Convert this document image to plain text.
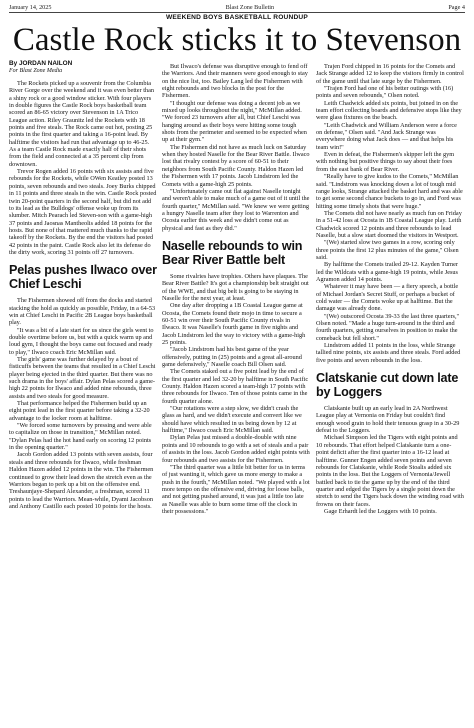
January 14, 2025	Blast Zone Bulletin	Page 4
WEEKEND BOYS BASKETBALL ROUNDUP
Castle Rock sticks it to Stevenson
By JORDAN NAILON
For Blast Zone Media

The Rockets picked up a souvenir from the Columbia River Gorge over the weekend and it was even better than a shiny rock or a good window sticker. With four players in double figures the Castle Rock boys basketball team scored an 86-65 victory over Stevenson in 1A Trico League action. Riley Graunitz led the Rockets with 18 points and five steals. The Rock came out hot, posting 25 points in the first quarter and taking a 16-point lead. By halftime the visitors had run that advantage up to 46-25. As a team Castle Rock made exactly half of their shots from the field and connected at a 35 percent clip from downtown.

Trevor Rogen added 16 points with six assists and five rebounds for the Rockets, while OWen Keatley posted 13 points, seven rebounds and two steals. Joey Burks chipped in 11 points and three steals in the win. Castle Rock posted twin 20-point quarters in the second half, but did not add to its lead as the Bulldogs' offense woke up from its slumber. Mitch Pearach led Steven-son with a game-high 37 points and Jaosnas Mantheolis added 18 points for the hosts. But none of that mattered much thanks to the rapid takeoff by the Rockets. By the end the visitors had posted 42 points in the paint. Castle Rock also let its defense do the dirty work, scoring 31 points off 27 turnovers.

Pelas pushes Ilwaco over Chief Leschi

The Fishermen showed off from the docks and started stacking the hold as quickly as possible, Friday, in a 64-53 win at Chief Leschi in Pacific 2B League boys basketball play.

"It was a bit of a late start for us since the girls went to double overtime before us, but with a quick warm up and loud gym, I thought the boys came out focused and ready to play," Ilwaco coach Eric McMillan said.

The girls' game was further delayed by a bout of fisticuffs between the teams that resulted in a Chief Leschi player being ejected in the third quarter. But there was no such drama in the boys' affair. Dylan Pelas scored a game-high 22 points for Ilwaco and added nine rebounds, three assists and two steals for good measure.

That performance helped the Fishermen build up an eight point lead in the first quarter before taking a 32-20 advantage to the locker room at halftime.

"We forced some turnovers by pressing and were able to capitalize on those in transition," McMillan noted. "Dylan Pelas had the hot hand early on scoring 12 points in the opening quarter."

Jacob Gordon added 13 points with seven assists, four steals and three rebounds for Ilwaco, while freshman Haldon Hazen added 12 points in the win. The Fishermen continued to grow their lead down the stretch even as the Warriors began to perk up a bit on the offensive end. Treshaunjaye-Shepard Alexander, a freshman, scored 11 points to lead the Warriors. Mean-while, Dyami Jacobson and Anthony Castillo each posted 10 points for the hosts.

But Ilwaco's defense was disruptive enough to fend off the Warriors. And their manners were good enough to stay on the nice list, too. Bailey Lang led the Fishermen with eight rebounds and two blocks in the post for the Fishermen.

"I thought our defense was doing a decent job as we mixed up looks throughout the night," McMillan added. "We forced 23 turnovers after all, but Chief Leschi was hanging around as their boys were hitting some tough shots from the perimeter and seemed to be expected when up at their gym."

The Fishermen did not have as much luck on Saturday when they hosted Naselle for the Bear River Battle. Ilwaco lost that rivalry contest by a score of 60-51 to their neighbors from South Pacific County. Haldon Hazen led the Fishermen with 17 points. Jacob Lindstrom led the Comets with a game-high 25 points.

"Unfortunately came out flat against Naselle tonight and weren't able to make much of a game out of it until the fourth quarter," McMillan said. "We knew we were getting a hungry Naselle team after they lost to Warrenton and Ocosta earlier this week and we didn't come out as physical and fast as they did."

Naselle rebounds to win Bear River Battle belt

Some rivalries have trophies. Others have plaques. The Bear River Battle? It's got a championship belt straight out of the WWE, and that big belt is going to be staying in Naselle for the next year, at least.

One day after dropping a 1B Coastal League game at Ocosta, the Comets found their mojo in time to secure a 60-51 win over their South Pacific County rivals in Ilwaco. It was Naselle's fourth game in five nights and Jacob Lindstrom led the way to victory with a game-high 25 points.

"Jacob Lindstrom had his best game of the year offensively, putting in (25) points and a great all-around game defensively," Naselle coach Bill Olsen said.

The Comets staked out a five point lead by the end of the first quarter and led 32-20 by halftime in South Pacific County. Haldon Hazen scored a team-high 17 points with three rebounds for Ilwaco. Ten of those points came in the fourth quarter alone.

"Our rotations were a step slow, we didn't crash the glass as hard, and we didn't execute and convert like we should have which resulted in us being down by 12 at halftime," Ilwaco coach Eric McMillan said.

Dylan Pelas just missed a double-double with nine points and 10 rebounds to go with a set of steals and a pair of assists in the loss. Jacob Gordon added eight points with four rebounds and two assists for the Fishermen.

"The third quarter was a little bit better for us in terms of just wanting it, which gave us more energy to make a push in the fourth," McMillan noted. "We played with a lot more tempo on the offensive end, driving for loose balls, and not getting pushed around, it was just a little too late as Naselle was able to burn some time off the clock in their possessions."

Trajen Ford chipped in 16 points for the Comets and Jack Strange added 12 to keep the visitors firmly in control of the game until that late surge by the Fishermen.

"Trajen Ford had one of his better outings with (16) points and seven rebounds," Olsen noted.

Leith Chadwick added six points, but joined in on the team effort collecting boards and defensive stops like they were glass fixtures on the beach.

"Leith Chadwick and William Anderson were a force on defense," Olsen said. "And Jack Strange was everywhere doing what Jack does — and that helps his team win!"

Even in defeat, the Fishermen's skipper left the gym with nothing but positive things to say about their foes from the east bank of Bear River.

"Really have to give kudos to the Comets," McMillan said. "Lindstrom was knocking down a lot of tough mid range looks, Strange attacked the basket hard and was able to get some second chance buckets to go in, and Ford was hitting some timely shots that were huge."

The Comets did not have nearly as much fun on Friday in a 51-42 loss at Ocosta in 1B Coastal League play. Leith Chadwick scored 12 points and three rebounds to lead Naselle, but a slow start doomed the visitors in Westport.

"(We) started slow two games in a row, scoring only three points the first 12 plus minutes of the game," Olsen said.

By halftime the Comets trailed 29-12. Kayden Turner led the Wildcats with a game-high 19 points, while Jesus Agramon added 14 points.

Whatever it may have been — a fiery speech, a bottle of Michael Jordan's Secret Stuff, or perhaps a bucket of cold water — the Comets woke up at halftime. But the damage was already done.

"(We) outscored Ocosta 39-33 the last three quarters," Olsen noted. "Made a huge turn-around in the third and fourth quarters, getting ourselves in position to make the comeback but fell short."

Lindstrom added 11 points in the loss, while Strange tallied nine points, six assists and three steals. Ford added five points and seven rebounds in the loss.

Clatskanie cut down late by Loggers

Clatskanie built up an early lead in 2A Northwest League play at Vernonia on Friday but couldn't find enough wood grain to hold their tenuous grasp in a 30-29 defeat to the Loggers.

Michael Simpson led the Tigers with eight points and 10 rebounds. That effort helped Clatskanie turn a one-point deficit after the first quarter into a 16-12 lead at halftime. Gunner Engen added seven points and seven rebounds for Clatskanie, while Rode Stoalis added six points in the loss. But the Loggers of Vernonia/Jewell battled back to tie the game up by the end of the third quarter and edged the Tigers by a single point down the stretch to send the Tigers back down the winding road with frowns on their faces.

Gage Erhardt led the Loggers with 10 points.
